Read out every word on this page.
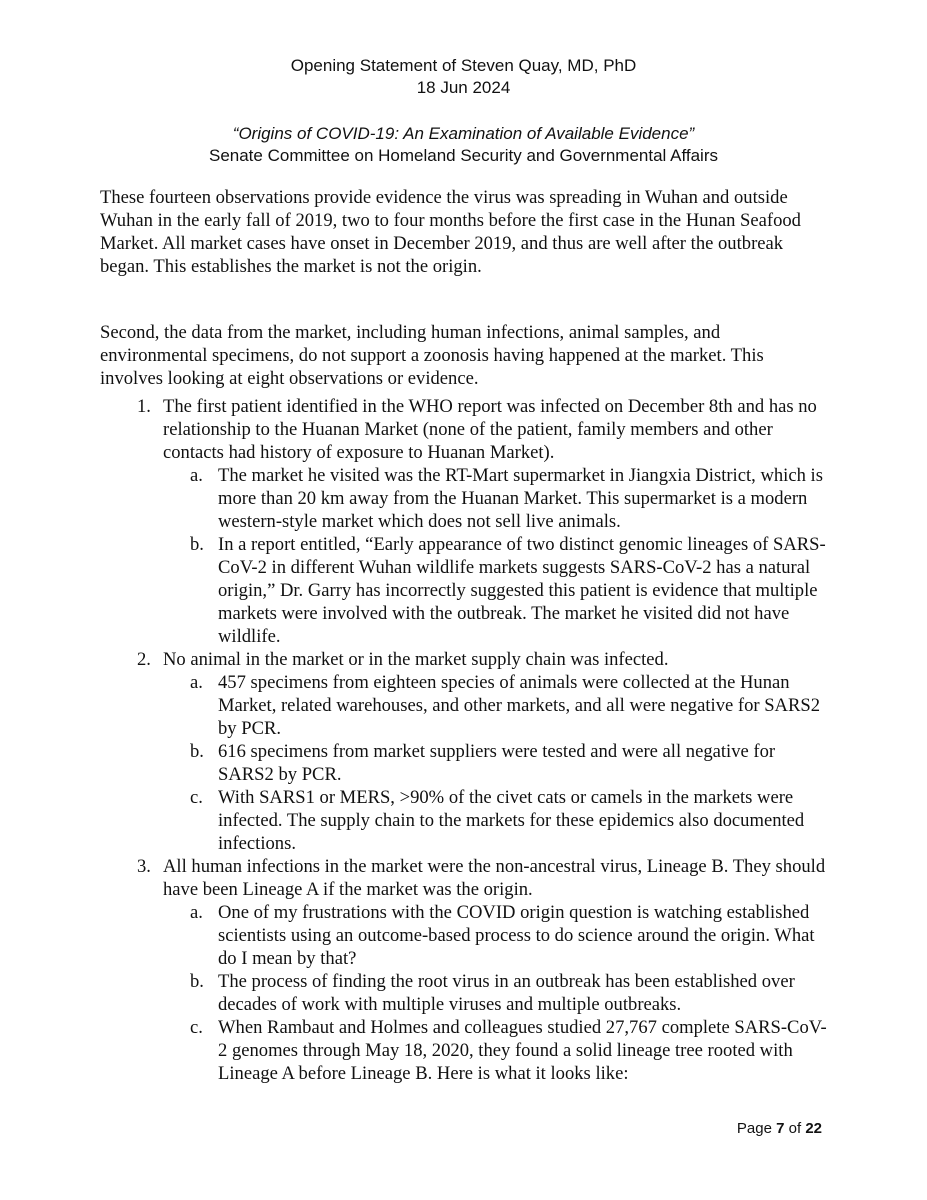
Opening Statement of Steven Quay, MD, PhD
18 Jun 2024
“Origins of COVID-19: An Examination of Available Evidence”
Senate Committee on Homeland Security and Governmental Affairs
These fourteen observations provide evidence the virus was spreading in Wuhan and outside
Wuhan in the early fall of 2019, two to four months before the first case in the Hunan Seafood
Market. All market cases have onset in December 2019, and thus are well after the outbreak
began. This establishes the market is not the origin.
Second, the data from the market, including human infections, animal samples, and
environmental specimens, do not support a zoonosis having happened at the market. This
involves looking at eight observations or evidence.
1. The first patient identified in the WHO report was infected on December 8th and has no
relationship to the Huanan Market (none of the patient, family members and other
contacts had history of exposure to Huanan Market).
a. The market he visited was the RT-Mart supermarket in Jiangxia District, which is
more than 20 km away from the Huanan Market. This supermarket is a modern
western-style market which does not sell live animals.
b. In a report entitled, “Early appearance of two distinct genomic lineages of SARS-
CoV-2 in different Wuhan wildlife markets suggests SARS-CoV-2 has a natural
origin,” Dr. Garry has incorrectly suggested this patient is evidence that multiple
markets were involved with the outbreak. The market he visited did not have
wildlife.
2. No animal in the market or in the market supply chain was infected.
a. 457 specimens from eighteen species of animals were collected at the Hunan
Market, related warehouses, and other markets, and all were negative for SARS2
by PCR.
b. 616 specimens from market suppliers were tested and were all negative for
SARS2 by PCR.
c. With SARS1 or MERS, >90% of the civet cats or camels in the markets were
infected. The supply chain to the markets for these epidemics also documented
infections.
3. All human infections in the market were the non-ancestral virus, Lineage B. They should
have been Lineage A if the market was the origin.
a. One of my frustrations with the COVID origin question is watching established
scientists using an outcome-based process to do science around the origin. What
do I mean by that?
b. The process of finding the root virus in an outbreak has been established over
decades of work with multiple viruses and multiple outbreaks.
c. When Rambaut and Holmes and colleagues studied 27,767 complete SARS-CoV-
2 genomes through May 18, 2020, they found a solid lineage tree rooted with
Lineage A before Lineage B. Here is what it looks like:
Page 7 of 22
